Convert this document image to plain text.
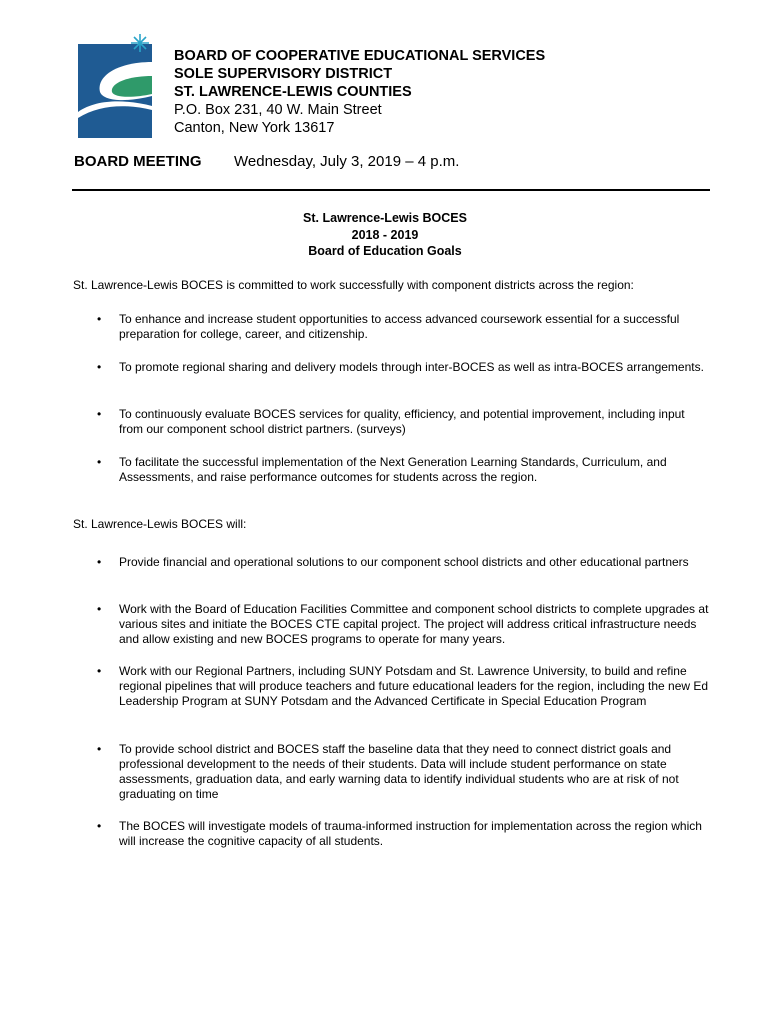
BOARD OF COOPERATIVE EDUCATIONAL SERVICES
SOLE SUPERVISORY DISTRICT
ST. LAWRENCE-LEWIS COUNTIES
P.O. Box 231, 40 W. Main Street
Canton, New York 13617
BOARD MEETING Wednesday, July 3, 2019 – 4 p.m.
St. Lawrence-Lewis BOCES
2018 - 2019
Board of Education Goals
St. Lawrence-Lewis BOCES is committed to work successfully with component districts across the region:
• To enhance and increase student opportunities to access advanced coursework essential for a successful preparation for college, career, and citizenship.
• To promote regional sharing and delivery models through inter-BOCES as well as intra-BOCES arrangements.
• To continuously evaluate BOCES services for quality, efficiency, and potential improvement, including input from our component school district partners. (surveys)
• To facilitate the successful implementation of the Next Generation Learning Standards, Curriculum, and Assessments, and raise performance outcomes for students across the region.
St. Lawrence-Lewis BOCES will:
• Provide financial and operational solutions to our component school districts and other educational partners
• Work with the Board of Education Facilities Committee and component school districts to complete upgrades at various sites and initiate the BOCES CTE capital project. The project will address critical infrastructure needs and allow existing and new BOCES programs to operate for many years.
• Work with our Regional Partners, including SUNY Potsdam and St. Lawrence University, to build and refine regional pipelines that will produce teachers and future educational leaders for the region, including the new Ed Leadership Program at SUNY Potsdam and the Advanced Certificate in Special Education Program
• To provide school district and BOCES staff the baseline data that they need to connect district goals and professional development to the needs of their students. Data will include student performance on state assessments, graduation data, and early warning data to identify individual students who are at risk of not graduating on time
• The BOCES will investigate models of trauma-informed instruction for implementation across the region which will increase the cognitive capacity of all students.
